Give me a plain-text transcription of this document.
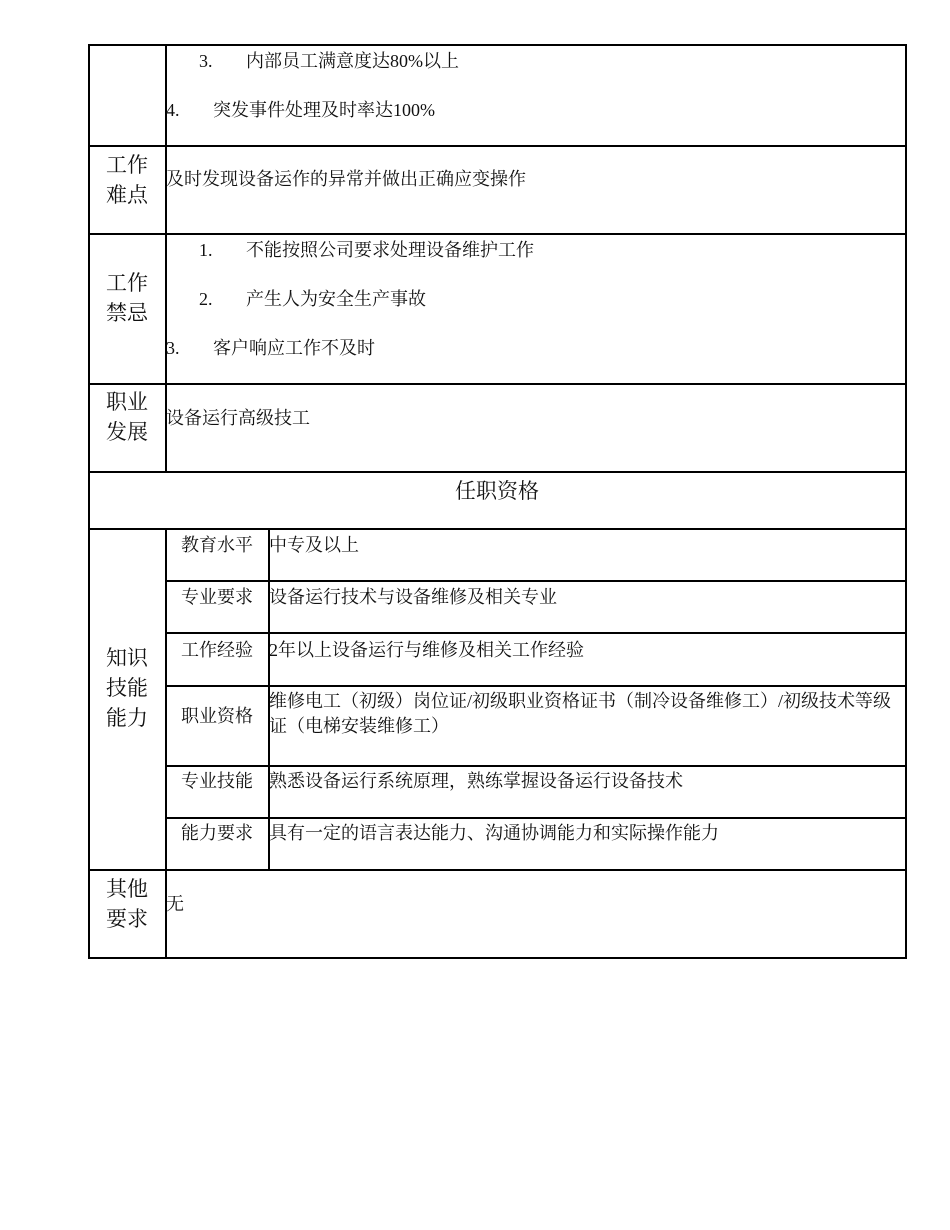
3. 内部员工满意度达80%以上
4. 突发事件处理及时率达100%
工作
难点
及时发现设备运作的异常并做出正确应变操作
工作
禁忌
1. 不能按照公司要求处理设备维护工作
2. 产生人为安全生产事故
3. 客户响应工作不及时
职业
发展
设备运行高级技工
任职资格
知识
技能
能力
教育水平 中专及以上
专业要求 设备运行技术与设备维修及相关专业
工作经验 2年以上设备运行与维修及相关工作经验
职业资格
维修电工（初级）岗位证/初级职业资格证书（制冷设备维修工）/初级技术等级证（电梯安装维修工）
专业技能 熟悉设备运行系统原理，熟练掌握设备运行设备技术
能力要求 具有一定的语言表达能力、沟通协调能力和实际操作能力
其他
要求
无
